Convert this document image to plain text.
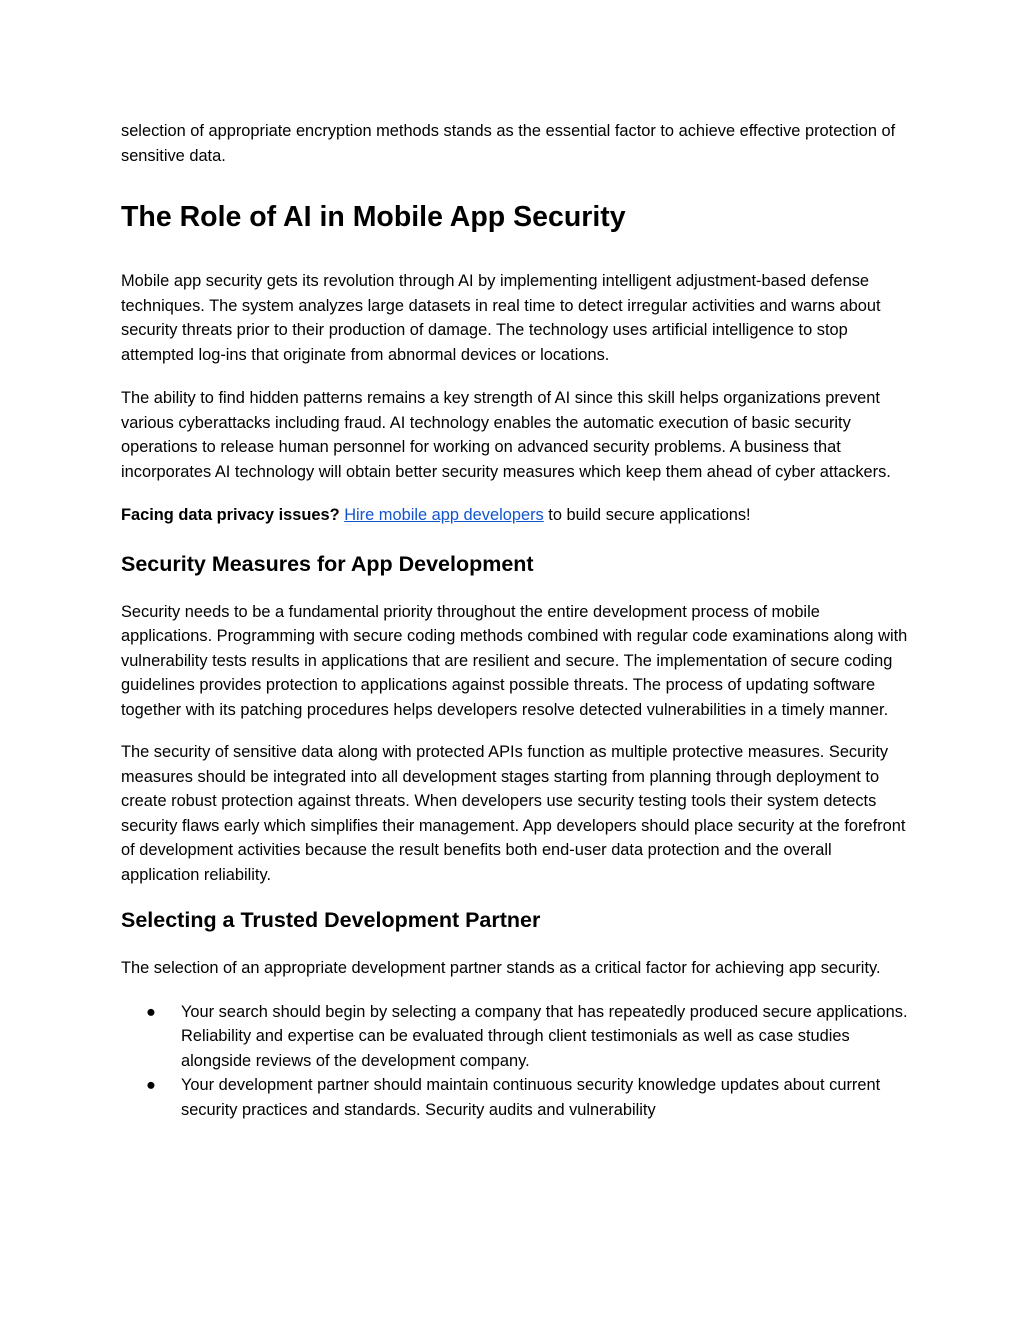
selection of appropriate encryption methods stands as the essential factor to achieve effective protection of sensitive data.

The Role of AI in Mobile App Security

Mobile app security gets its revolution through AI by implementing intelligent adjustment-based defense techniques. The system analyzes large datasets in real time to detect irregular activities and warns about security threats prior to their production of damage. The technology uses artificial intelligence to stop attempted log-ins that originate from abnormal devices or locations.

The ability to find hidden patterns remains a key strength of AI since this skill helps organizations prevent various cyberattacks including fraud. AI technology enables the automatic execution of basic security operations to release human personnel for working on advanced security problems. A business that incorporates AI technology will obtain better security measures which keep them ahead of cyber attackers.

Facing data privacy issues? Hire mobile app developers to build secure applications!

Security Measures for App Development

Security needs to be a fundamental priority throughout the entire development process of mobile applications. Programming with secure coding methods combined with regular code examinations along with vulnerability tests results in applications that are resilient and secure. The implementation of secure coding guidelines provides protection to applications against possible threats. The process of updating software together with its patching procedures helps developers resolve detected vulnerabilities in a timely manner.

The security of sensitive data along with protected APIs function as multiple protective measures. Security measures should be integrated into all development stages starting from planning through deployment to create robust protection against threats. When developers use security testing tools their system detects security flaws early which simplifies their management. App developers should place security at the forefront of development activities because the result benefits both end-user data protection and the overall application reliability.

Selecting a Trusted Development Partner

The selection of an appropriate development partner stands as a critical factor for achieving app security.

●	Your search should begin by selecting a company that has repeatedly produced secure applications. Reliability and expertise can be evaluated through client testimonials as well as case studies alongside reviews of the development company.
●	Your development partner should maintain continuous security knowledge updates about current security practices and standards. Security audits and vulnerability
